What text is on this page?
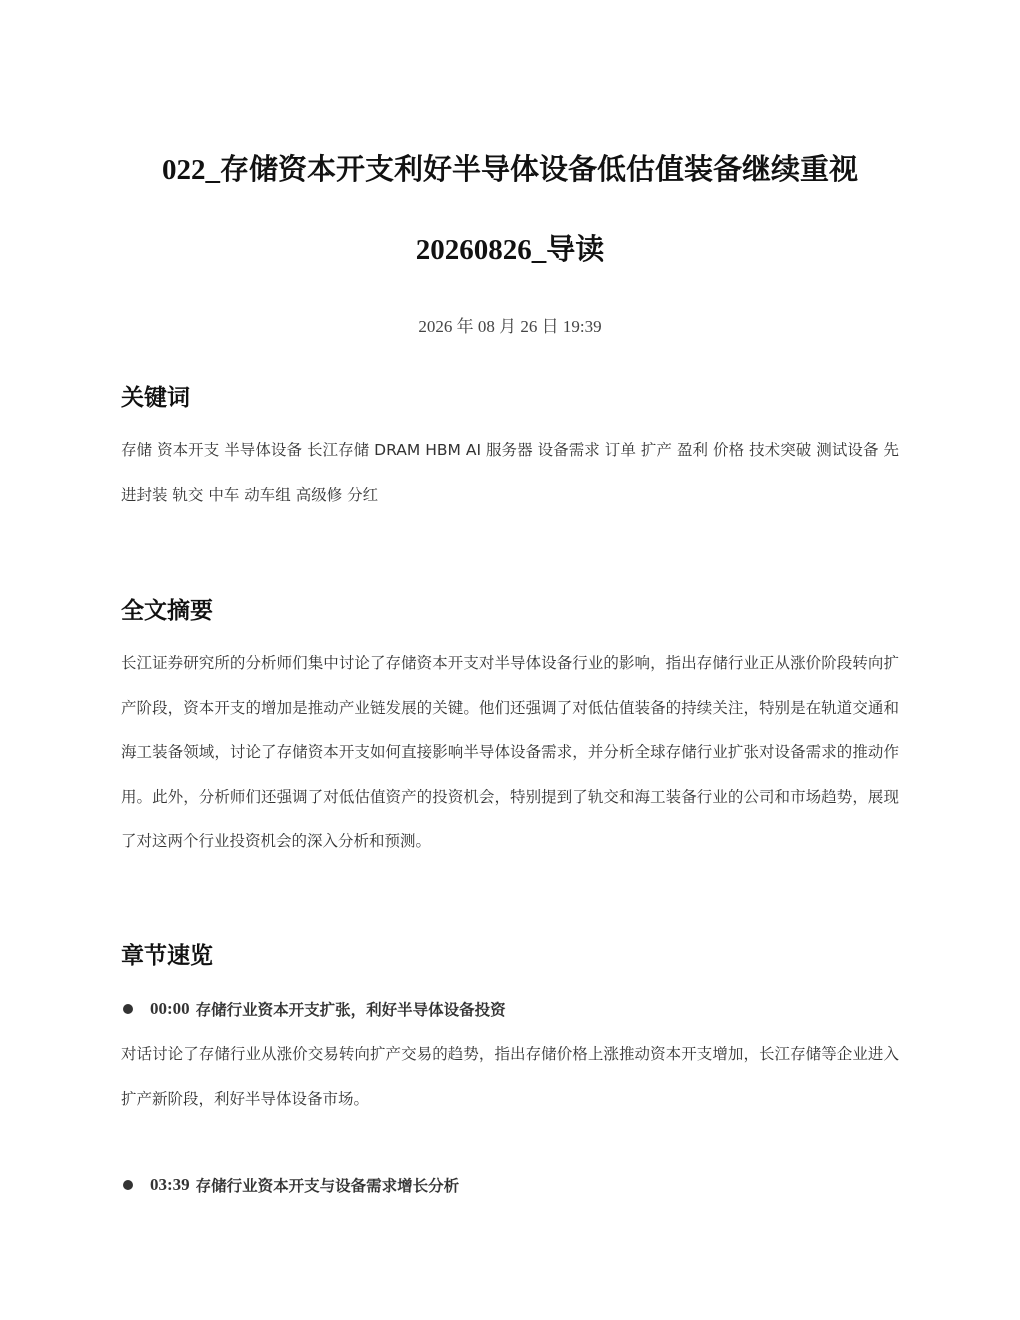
022_存储资本开支利好半导体设备低估值装备继续重视
20260826_导读
2026 年 08 月 26 日 19:39
关键词

存储 资本开支 半导体设备 长江存储 DRAM HBM AI 服务器 设备需求 订单 扩产 盈利 价格 技术突破 测试设备 先进封装 轨交 中车 动车组 高级修 分红

全文摘要

长江证券研究所的分析师们集中讨论了存储资本开支对半导体设备行业的影响，指出存储行业正从涨价阶段转向扩产阶段，资本开支的增加是推动产业链发展的关键。他们还强调了对低估值装备的持续关注，特别是在轨道交通和海工装备领域，讨论了存储资本开支如何直接影响半导体设备需求，并分析全球存储行业扩张对设备需求的推动作用。此外，分析师们还强调了对低估值资产的投资机会，特别提到了轨交和海工装备行业的公司和市场趋势，展现了对这两个行业投资机会的深入分析和预测。

章节速览
00:00 存储行业资本开支扩张，利好半导体设备投资

对话讨论了存储行业从涨价交易转向扩产交易的趋势，指出存储价格上涨推动资本开支增加，长江存储等企业进入扩产新阶段，利好半导体设备市场。

03:39 存储行业资本开支与设备需求增长分析
